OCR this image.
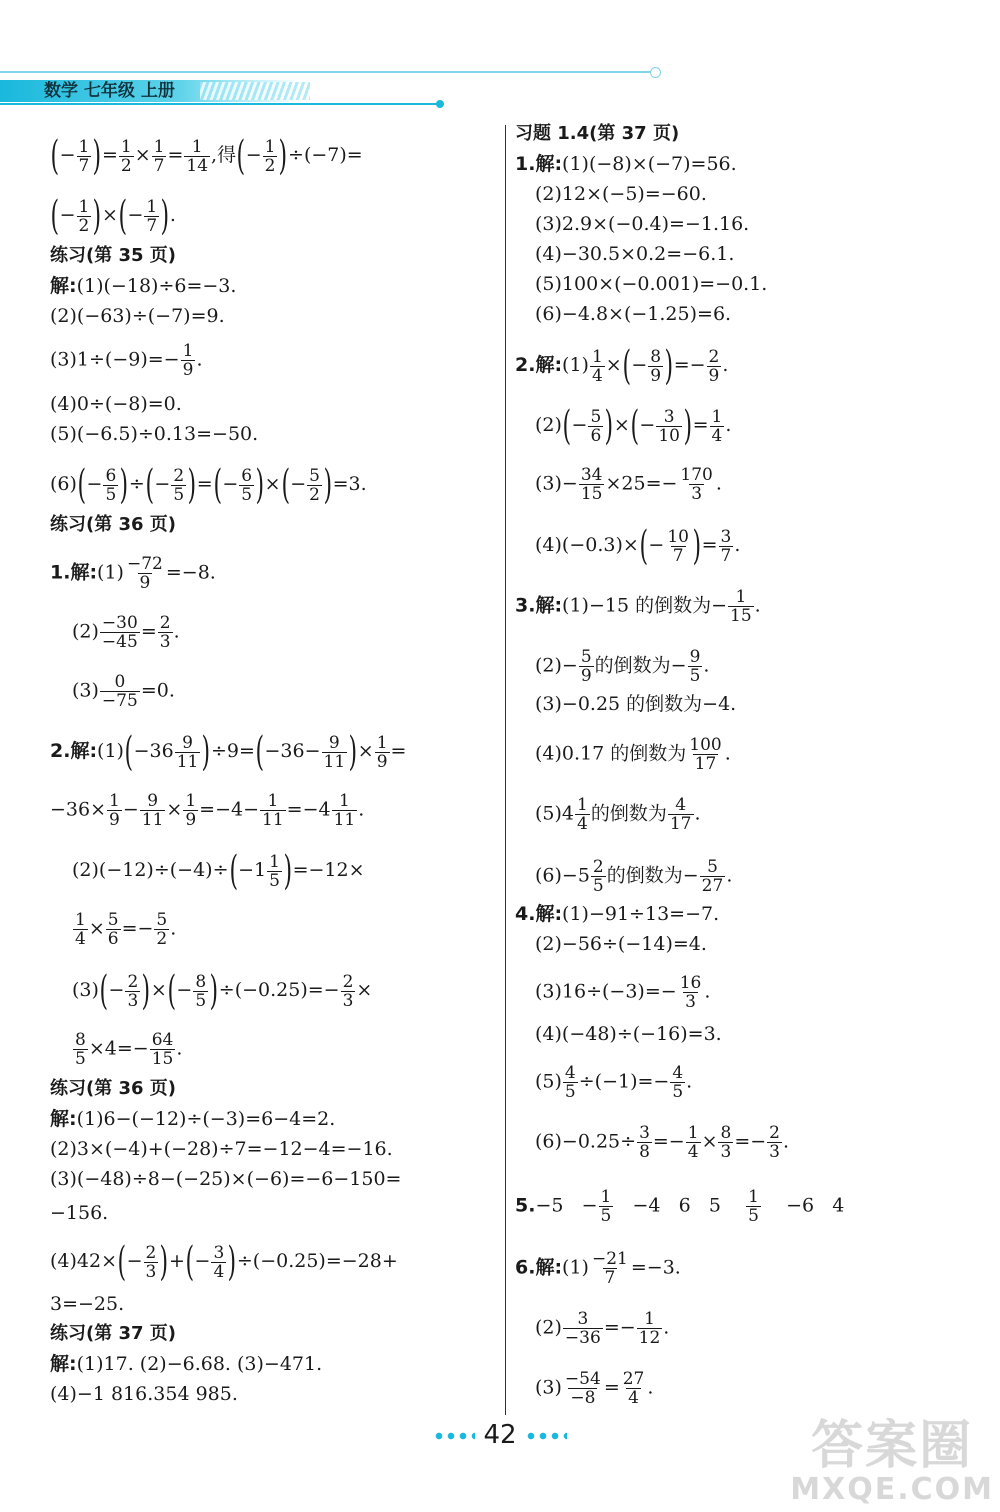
数学 七年级 上册
(− $\frac{1}{7}$ )= $\frac{1}{2} \times \frac{1}{7} = \frac{1}{14}$ ,得(− $\frac{1}{2} )\div(-7)=$
(− $\frac{1}{2}$ )×(− $\frac{1}{7}$ ).
练习(第 35 页)
解:(1)(−18)÷6=−3.
(2)(−63)÷(−7)=9.
$(3)1\div(-9)=- \frac{1}{9}$ .
(4)0÷(−8)=0.
(5)(−6.5)÷0.13=−50.
$(6)(- \frac{6}{5}$ )÷(− $\frac{2}{5}$ )=(− $\frac{6}{5}$ )×(− $\frac{5}{2} )=3$.
练习(第 36 页)
1.解:(1) $\frac{-72}{9} =-8$.
$(2) \frac{-30}{-45} = \frac{2}{3}$ .
$(3) \frac{0}{-75} =0$.
2.解:(1)(−36 $\frac{9}{11} )\div 9=(-36- \frac{9}{11}$ )× $\frac{1}{9}$ =
$-36\times \frac{1}{9} - \frac{9}{11} \times \frac{1}{9} =-4- \frac{1}{11} =-4 \frac{1}{11}$ .
$(2)(-12)\div(-4)\div(-1 \frac{1}{5} )=-12\times$
$\frac{1}{4} \times \frac{5}{6} =- \frac{5}{2}$ .
$(3)(- \frac{2}{3}$ )×(− $\frac{8}{5} )\div(-0.25)=- \frac{2}{3}$ ×
$\frac{8}{5} \times 4=- \frac{64}{15}$ .
练习(第 36 页)
解:(1)6−(−12)÷(−3)=6−4=2.
(2)3×(−4)+(−28)÷7=−12−4=−16.
(3)(−48)÷8−(−25)×(−6)=−6−150=
−156.
$(4)42\times(- \frac{2}{3}$ )+(− $\frac{3}{4} )\div(-0.25)=-28+$
3=−25.
练习(第 37 页)
解:(1)17. (2)−6.68. (3)−471.
(4)−1 816.354 985.
习题 1.4(第 37 页)
1.解:(1)(−8)×(−7)=56.
(2)12×(−5)=−60.
(3)2.9×(−0.4)=−1.16.
(4)−30.5×0.2=−6.1.
(5)100×(−0.001)=−0.1.
(6)−4.8×(−1.25)=6.
2.解:(1) $\frac{1}{4}$ ×(− $\frac{8}{9}$ )=− $\frac{2}{9}$ .
$(2)(- \frac{5}{6}$ )×(− $\frac{3}{10}$ )= $\frac{1}{4}$ .
$(3)- \frac{34}{15} \times 25=- \frac{170}{3}$ .
$(4)(-0.3)\times(- \frac{10}{7}$ )= $\frac{3}{7}$ .
3.解:(1)−15 的倒数为− $\frac{1}{15}$ .
$(2)- \frac{5}{9}$ 的倒数为− $\frac{9}{5}$ .
(3)−0.25 的倒数为−4.
(4)0.17 的倒数为 $\frac{100}{17}$ .
$(5)4 \frac{1}{4}$ 的倒数为 $\frac{4}{17}$ .
$(6)-5 \frac{2}{5}$ 的倒数为− $\frac{5}{27}$ .
4.解:(1)−91÷13=−7.
(2)−56÷(−14)=4.
$(3)16\div(-3)=- \frac{16}{3}$ .
(4)(−48)÷(−16)=3.
$(5) \frac{4}{5} \div(-1)=- \frac{4}{5}$ .
$(6)-0.25\div \frac{3}{8} =- \frac{1}{4} \times \frac{8}{3} =- \frac{2}{3}$ .
$5.-5 - \frac{1}{5} -4$ 6 $5 \frac{1}{5} -6$ 4
6.解:(1) $\frac{-21}{7} =-3$.
$(2) \frac{3}{-36} =- \frac{1}{12}$ .
$(3) \frac{-54}{-8} = \frac{27}{4}$ .
42	答案圈
MXQE.COM
